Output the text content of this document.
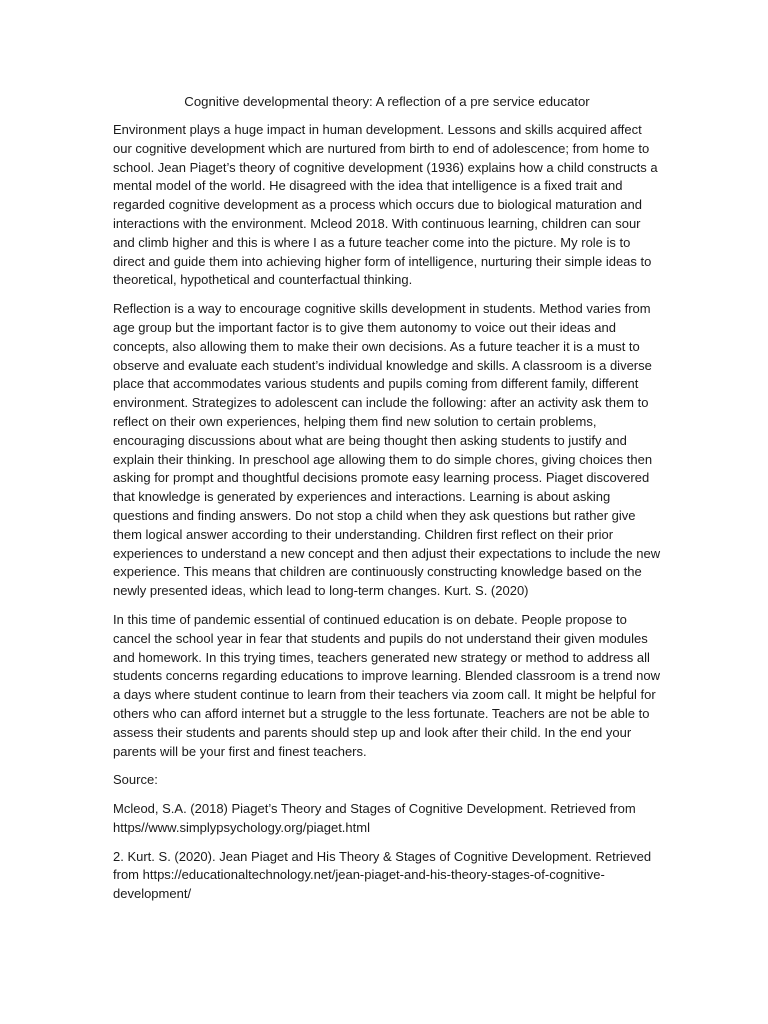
Cognitive developmental theory: A reflection of a pre service educator

Environment plays a huge impact in human development. Lessons and skills acquired affect our cognitive development which are nurtured from birth to end of adolescence; from home to school. Jean Piaget’s theory of cognitive development (1936) explains how a child constructs a mental model of the world. He disagreed with the idea that intelligence is a fixed trait and regarded cognitive development as a process which occurs due to biological maturation and interactions with the environment. Mcleod 2018. With continuous learning, children can sour and climb higher and this is where I as a future teacher come into the picture. My role is to direct and guide them into achieving higher form of intelligence, nurturing their simple ideas to theoretical, hypothetical and counterfactual thinking.

Reflection is a way to encourage cognitive skills development in students. Method varies from age group but the important factor is to give them autonomy to voice out their ideas and concepts, also allowing them to make their own decisions. As a future teacher it is a must to observe and evaluate each student’s individual knowledge and skills. A classroom is a diverse place that accommodates various students and pupils coming from different family, different environment. Strategizes to adolescent can include the following: after an activity ask them to reflect on their own experiences, helping them find new solution to certain problems, encouraging discussions about what are being thought then asking students to justify and explain their thinking. In preschool age allowing them to do simple chores, giving choices then asking for prompt and thoughtful decisions promote easy learning process. Piaget discovered that knowledge is generated by experiences and interactions. Learning is about asking questions and finding answers. Do not stop a child when they ask questions but rather give them logical answer according to their understanding. Children first reflect on their prior experiences to understand a new concept and then adjust their expectations to include the new experience. This means that children are continuously constructing knowledge based on the newly presented ideas, which lead to long-term changes. Kurt. S. (2020)

In this time of pandemic essential of continued education is on debate. People propose to cancel the school year in fear that students and pupils do not understand their given modules and homework. In this trying times, teachers generated new strategy or method to address all students concerns regarding educations to improve learning. Blended classroom is a trend now a days where student continue to learn from their teachers via zoom call. It might be helpful for others who can afford internet but a struggle to the less fortunate. Teachers are not be able to assess their students and parents should step up and look after their child. In the end your parents will be your first and finest teachers.

Source:

Mcleod, S.A. (2018) Piaget’s Theory and Stages of Cognitive Development. Retrieved from https//www.simplypsychology.org/piaget.html

2. Kurt. S. (2020). Jean Piaget and His Theory & Stages of Cognitive Development. Retrieved from https://educationaltechnology.net/jean-piaget-and-his-theory-stages-of-cognitive-development/
